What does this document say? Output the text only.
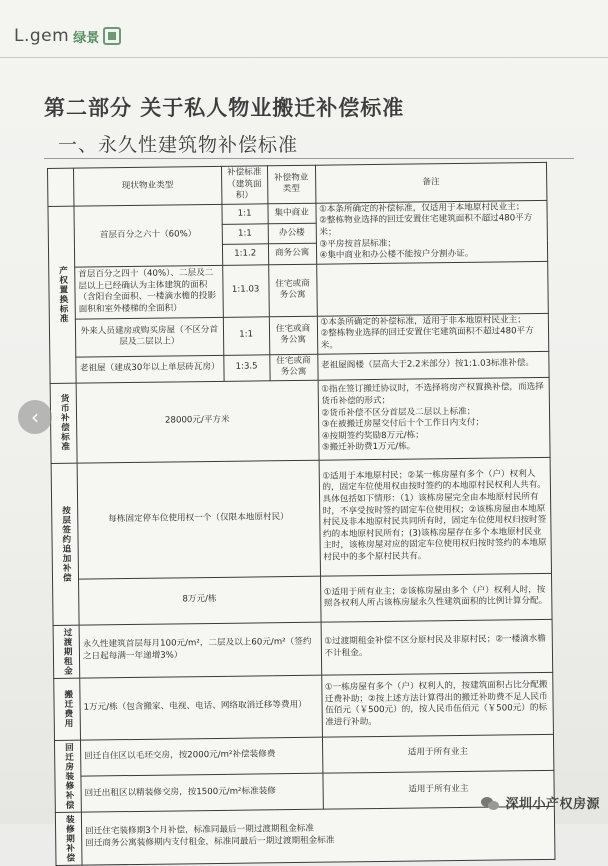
L.gem 绿景
第二部分 关于私人物业搬迁补偿标准
一、永久性建筑物补偿标准
	现状物业类型	补偿标准（建筑面积）	补偿物业类型	备注
产权置换标准	首层百分之六十（60%）	1:1	集中商业	①本条所确定的补偿标准，仅适用于本地原村民业主；
②整栋物业选择的回迁安置住宅建筑面积不超过480平方米；
③平房按首层标准；
④集中商业和办公楼不能按户分割办证。

		1:1	办公楼	
		1:1.2	商务公寓	
	首层百分之四十（40%）、二层及二层以上已经确认为主体建筑的面积（含阳台全面积、一楼滴水檐的投影面积和室外楼梯的全面积）	1:1.03	住宅或商务公寓	
	外来人员建房或购买房屋（不区分首层及二层以上）	1:1	住宅或商务公寓	①本条所确定的补偿标准，适用于非本地原村民业主；
②整栋物业选择的回迁安置住宅建筑面积不超过480平方米。

	老祖屋（建成30年以上单层砖瓦房）	1:3.5	住宅或商务公寓	老祖屋阁楼（层高大于2.2米部分）按1:1.03标准补偿。
货币补偿标准	28000元/平方米			①指在签订搬迁协议时，不选择将房产权置换补偿，而选择货币补偿的形式；
②货币补偿不区分首层及二层以上标准；
③在被搬迁房屋交付后十个工作日内支付；
④按期签约奖励8万元/栋；
⑤搬迁补助费1万元/栋。

按层签约追加补偿	每栋固定停车位使用权一个（仅限本地原村民）			①适用于本地原村民；②某一栋房屋有多个（户）权利人的，固定车位使用权由按时签约的本地原村民权利人共有。具体包括如下情形：（1）该栋房屋完全由本地原村民所有时，不享受按时签约固定车位使用权；②该栋房屋由本地原村民及非本地原村民共同所有时，固定车位使用权归按时签约的本地原村民所有；(3)该栋房屋存在多个本地原村民业主时，该栋房屋对应的固定车位使用权归按时签约的本地原村民中的多个原村民共有。
	8万元/栋			①适用于所有业主；②该栋房屋由多个（户）权利人时，按照各权利人所占该栋房屋永久性建筑面积的比例计算分配。
过渡期租金	永久性建筑首层每月100元/m²，二层及以上60元/m²（签约之日起每满一年递增3%）			①过渡期租金补偿不区分原村民及非原村民；②一楼滴水檐不计租金。
搬迁费用	1万元/栋（包含搬家、电视、电话、网络取消迁移等费用）			①一栋房屋有多个（户）权利人的，按建筑面积占比分配搬迁费补助；②按上述方法计算得出的搬迁补助费不足人民币伍佰元（￥500元）的，按人民币伍佰元（￥500元）的标准进行补助。
回迁房装修补偿	回迁自住区以毛坯交房，按2000元/m²补偿装修费			适用于所有业主
	回迁出租区以精装修交房，按1500元/m²标准装修			适用于所有业主
装修期补偿	回迁住宅装修期3个月补偿，标准同最后一期过渡期租金标准
回迁商务公寓装修期内支付租金，标准同最后一期过渡期租金标准			
‹
深圳小产权房源
